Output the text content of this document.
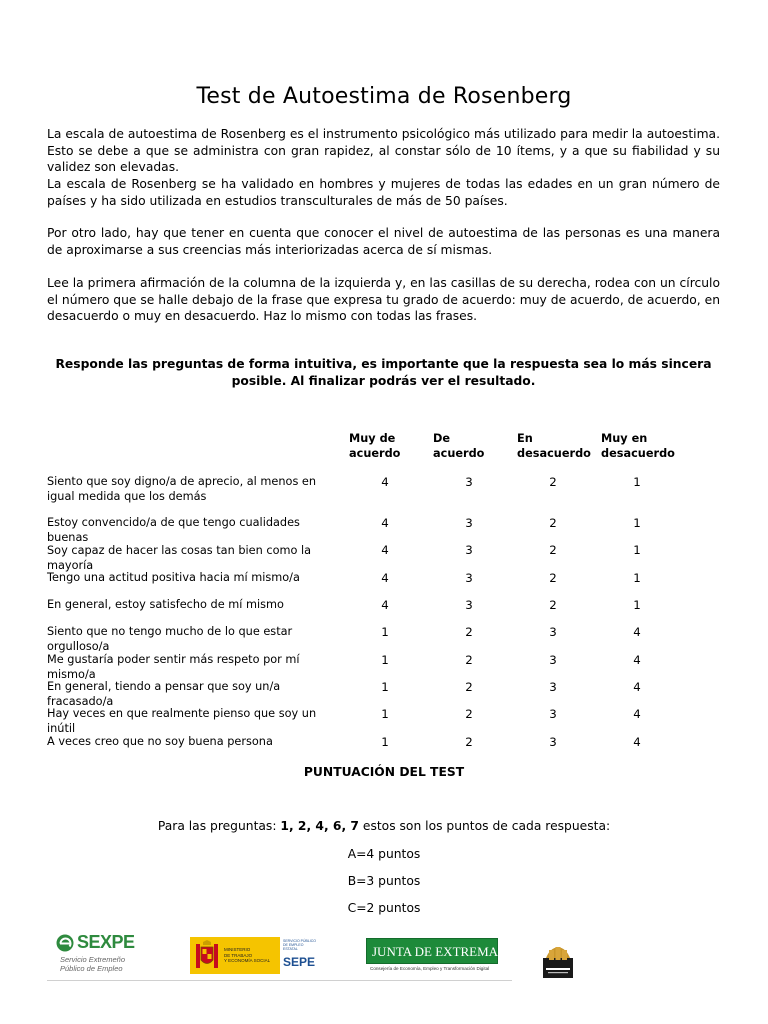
Test de Autoestima de Rosenberg

La escala de autoestima de Rosenberg es el instrumento psicológico más utilizado para medir la autoestima. Esto se debe a que se administra con gran rapidez, al constar sólo de 10 ítems, y a que su fiabilidad y su validez son elevadas.

La escala de Rosenberg se ha validado en hombres y mujeres de todas las edades en un gran número de países y ha sido utilizada en estudios transculturales de más de 50 países.

Por otro lado, hay que tener en cuenta que conocer el nivel de autoestima de las personas es una manera de aproximarse a sus creencias más interiorizadas acerca de sí mismas.

Lee la primera afirmación de la columna de la izquierda y, en las casillas de su derecha, rodea con un círculo el número que se halle debajo de la frase que expresa tu grado de acuerdo: muy de acuerdo, de acuerdo, en desacuerdo o muy en desacuerdo. Haz lo mismo con todas las frases.

Responde las preguntas de forma intuitiva, es importante que la respuesta sea lo más sincera posible. Al finalizar podrás ver el resultado.
Muy de acuerdo
De acuerdo
En desacuerdo
Muy en desacuerdo
Siento que soy digno/a de aprecio, al menos en igual medida que los demás
4	3	2	1
Estoy convencido/a de que tengo cualidades buenas
4	3	2	1
Soy capaz de hacer las cosas tan bien como la mayoría
4	3	2	1
Tengo una actitud positiva hacia mí mismo/a	4	3	2	1
En general, estoy satisfecho de mí mismo	4	3	2	1
Siento que no tengo mucho de lo que estar orgulloso/a
1	2	3	4
Me gustaría poder sentir más respeto por mí mismo/a
1	2	3	4
En general, tiendo a pensar que soy un/a fracasado/a
1	2	3	4
Hay veces en que realmente pienso que soy un inútil
1	2	3	4
A veces creo que no soy buena persona	1	2	3	4
PUNTUACIÓN DEL TEST
Para las preguntas: 1, 2, 4, 6, 7 estos son los puntos de cada respuesta:
A=4 puntos
B=3 puntos
C=2 puntos
SEXPE
Servicio Extremeño
Público de Empleo
MINISTERIO
DE TRABAJO
Y ECONOMÍA SOCIAL
SERVICIO PÚBLICO DE EMPLEO ESTATAL
SEPE
JUNTA DE EXTREMADURA
Consejería de Economía, Empleo y Transformación Digital
